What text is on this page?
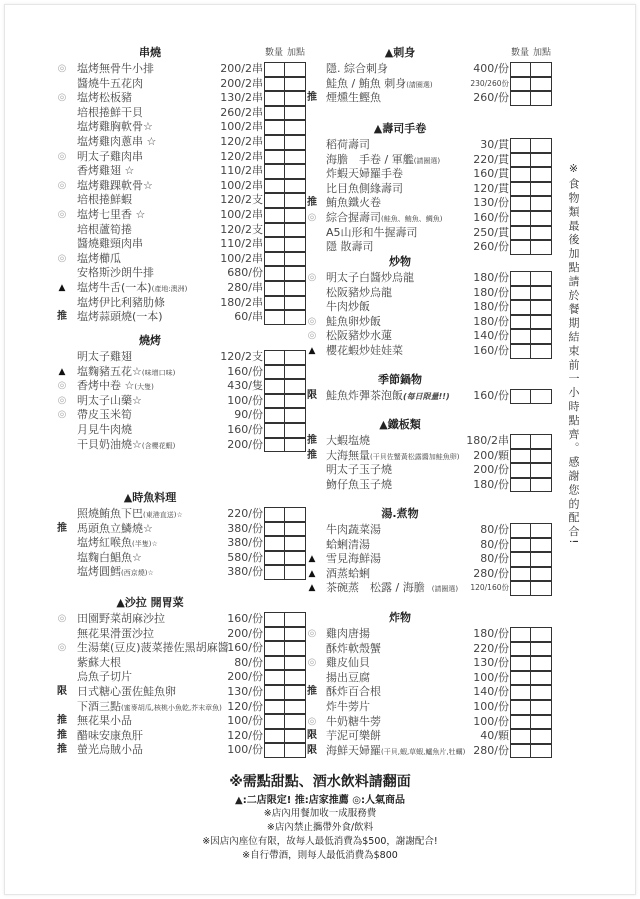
數量 加點	數量 加點
串燒
◎ 塩烤無骨牛小排	200/2串
醬燒牛五花肉	200/2串
◎ 塩烤松板豬	130/2串
培根捲鮮干貝	260/2串
塩烤雞胸軟骨☆	100/2串
塩烤雞肉蔥串 ☆	120/2串
◎ 明太子雞肉串	120/2串
香烤雞翅 ☆	110/2串
◎ 塩烤雞踝軟骨☆	100/2串
培根捲鮮蝦	120/2支
◎ 塩烤七里香 ☆	100/2串
培根蘆筍捲	120/2支
醬燒雞頸肉串	110/2串
◎ 塩烤櫛瓜	100/2串
安格斯沙朗牛排	680/份
▲	塩烤牛舌(一本)(產地:澳洲)	280/串
塩烤伊比利豬肋條	180/2串
推 塩烤蒜頭燒(一本)	60/串
燒烤
明太子雞翅	120/2支
▲	塩麴豬五花☆(味增口味)	160/份
◎ 香烤中卷 ☆(大隻)	430/隻
◎ 明太子山藥☆	100/份
◎ 帶皮玉米筍	90/份
月見牛肉燒	160/份
干貝奶油燒☆(含櫻花蝦)	200/份
▲時魚料理
照燒鮪魚下巴(東港直送)☆	220/份
推 馬頭魚立鱗燒☆	380/份
塩烤紅喉魚(半隻)☆	380/份
塩麴白鯧魚☆	580/份
塩烤圓鱈(西京燒)☆	380/份
▲沙拉 開胃菜
◎ 田園野菜胡麻沙拉	160/份
無花果滑蛋沙拉	200/份
◎ 生湯葉(豆皮)菠菜捲佐黑胡麻醬
160/份
紫蘇大根	80/份
烏魚子切片	200/份
限 日式糖心蛋佐鮭魚卵	130/份
下酒三點(蜜麥胡瓜,核桃小魚乾,芥末章魚) 120/份
推 無花果小品	100/份
推 醋味安康魚肝	120/份
推 螢光烏賊小品	100/份
▲刺身
隱. 綜合刺身	400/份
鮭魚 / 鮪魚 刺身(請圈選)	230/260份
推 煙燻生鰹魚	260/份
▲壽司手卷
稻荷壽司	30/貫
海膽　手卷 / 軍艦(請圈選)	220/貫
炸蝦天婦羅手卷	160/貫
比目魚側緣壽司	120/貫
推 鮪魚鐵火卷	130/份
◎ 綜合握壽司(鮭魚、鮪魚、鯛魚)	160/份
A5山形和牛握壽司	250/貫
隱 散壽司	260/份
炒物
◎ 明太子白醬炒烏龍	180/份
松阪豬炒烏龍	180/份
牛肉炒飯	180/份
◎ 鮭魚卵炒飯	180/份
◎ 松阪豬炒水蓮	140/份
▲ 櫻花蝦炒娃娃菜	160/份
季節鍋物
限 鮭魚炸彈茶泡飯(每日限量!!) 160/份
▲鐵板類
推 大蝦塩燒	180/2串
推 大海無量(干貝佐蟹黃松露醬加鮭魚卵) 200/顆
明太子玉子燒	200/份
魩仔魚玉子燒	180/份
湯.煮物
牛肉蔬菜湯	80/份
蛤蜊清湯	80/份
▲ 雪見海鮮湯	80/份
▲ 酒蒸蛤蜊	280/份
▲ 茶碗蒸　松露 / 海膽　(請圈選) 120/160份
炸物
◎ 雞肉唐揚	180/份
酥炸軟殼蟹	220/份
◎ 雞皮仙貝	130/份
揚出豆腐	100/份
推 酥炸百合根	140/份
炸牛蒡片	100/份
◎ 牛奶糖牛蒡	100/份
限 芋泥可樂餅	40/顆
限 海鮮天婦羅(干貝,蝦,草蝦,鱸魚片,牡蠣) 280/份
※食物類最後加點請於餐期結束前一小時點齊。感謝您的配合!
※需點甜點、酒水飲料請翻面
▲:二店限定! 推:店家推薦 ◎:人氣商品
※店內用餐加收一成服務費
※店內禁止攜帶外食/飲料
※因店內座位有限，故每人最低消費為$500，謝謝配合!
※自行帶酒，則每人最低消費為$800
